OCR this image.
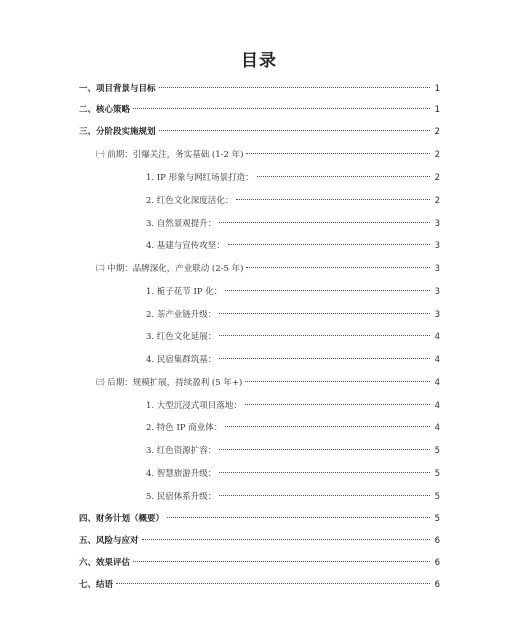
目录
一、项目背景与目标	1
二、核心策略	1
三、分阶段实施规划	2
㈠ 前期：引爆关注，务实基础 (1-2 年)	2
1. IP 形象与网红场景打造：	2
2. 红色文化深度活化：	2
3. 自然景观提升：	3
4. 基建与宣传攻坚：	3
㈡ 中期：品牌深化，产业联动 (2-5 年)	3
1. 栀子花节 IP 化：	3
2. 茶产业链升级：	3
3. 红色文化延展：	4
4. 民宿集群筑基：	4
㈢ 后期：规模扩展，持续盈利 (5 年+)	4
1. 大型沉浸式项目落地：	4
2. 特色 IP 商业体：	4
3. 红色资源扩容：	5
4. 智慧旅游升级：	5
5. 民宿体系升级：	5
四、财务计划（概要）	5
五、风险与应对	6
六、效果评估	6
七、结语	6
